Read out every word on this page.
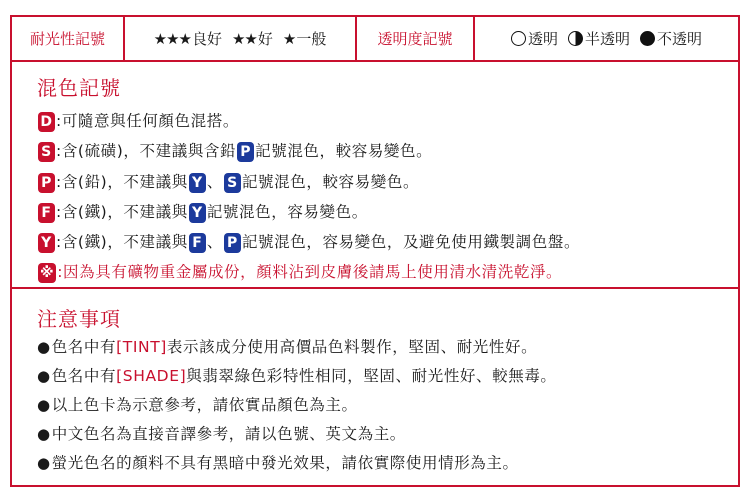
耐光性記號	★★★良好 ★★好 ★一般	透明度記號	透明	半透明	不透明
混色記號
D :可隨意與任何顏色混搭。
S :含(硫磺)，不建議與含鉛 P 記號混色，較容易變色。
P :含(鉛)，不建議與 Y 、 S 記號混色，較容易變色。
F :含(鐵)，不建議與 Y 記號混色，容易變色。
Y :含(鐵)，不建議與 F 、 P 記號混色，容易變色，及避免使用鐵製調色盤。
※ :因為具有礦物重金屬成份，顏料沾到皮膚後請馬上使用清水清洗乾淨。
注意事項
●色名中有[TINT]表示該成分使用高價品色料製作，堅固、耐光性好。
●色名中有[SHADE]與翡翠綠色彩特性相同，堅固、耐光性好、較無毒。
●以上色卡為示意參考，請依實品顏色為主。
●中文色名為直接音譯參考，請以色號、英文為主。
●螢光色名的顏料不具有黑暗中發光效果，請依實際使用情形為主。
